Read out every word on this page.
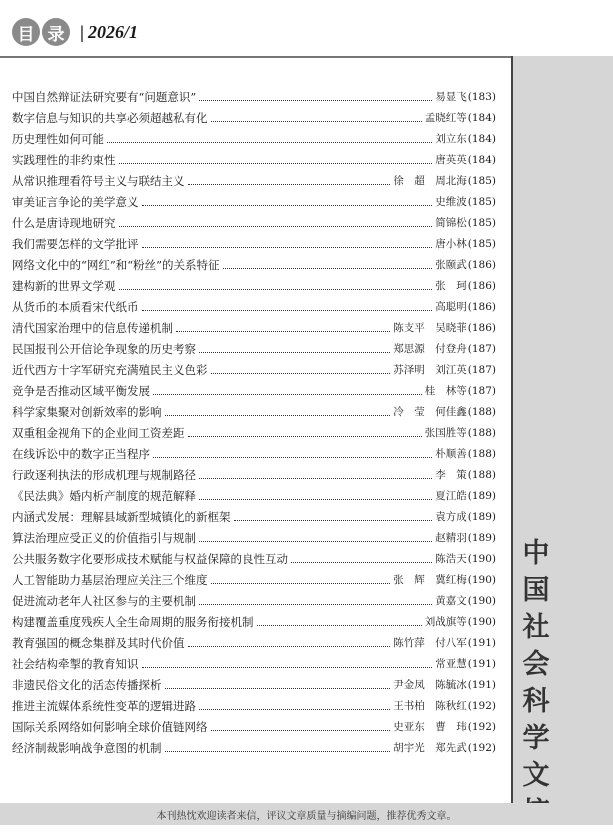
目 录 | 2026/1
中
国
社
会
科
学
文
中国自然辩证法研究要有“问题意识”	易显飞 (183)
数字信息与知识的共享必须超越私有化	孟晓红等 (184)
历史理性如何可能	刘立东 (184)
实践理性的非约束性	唐英英 (184)
从常识推理看符号主义与联结主义	徐　超　周北海 (185)
审美证言争论的美学意义	史维波 (185)
什么是唐诗现地研究	简锦松 (185)
我们需要怎样的文学批评	唐小林 (185)
网络文化中的“网红”和“粉丝”的关系特征	张颐武 (186)
建构新的世界文学观	张　珂 (186)
从货币的本质看宋代纸币	高聪明 (186)
清代国家治理中的信息传递机制	陈支平　吴晓菲 (186)
民国报刊公开信论争现象的历史考察	郑思源　付登舟 (187)
近代西方十字军研究充满殖民主义色彩	苏泽明　刘江英 (187)
竞争是否推动区域平衡发展	桂　林等 (187)
科学家集聚对创新效率的影响	冷　莹　何佳鑫 (188)
双重租金视角下的企业间工资差距	张国胜等 (188)
在线诉讼中的数字正当程序	朴顺善 (188)
行政逐利执法的形成机理与规制路径	李　策 (188)
《民法典》婚内析产制度的规范解释	夏江皓 (189)
内涵式发展：理解县域新型城镇化的新框架	袁方成 (189)
算法治理应受正义的价值指引与规制	赵精羽 (189)
公共服务数字化要形成技术赋能与权益保障的良性互动	陈浩天 (190)
人工智能助力基层治理应关注三个维度	张　辉　冀红梅 (190)
促进流动老年人社区参与的主要机制	黄嘉文 (190)
构建覆盖重度残疾人全生命周期的服务衔接机制	刘战旗等 (190)
教育强国的概念集群及其时代价值	陈竹萍　付八军 (191)
社会结构牵掣的教育知识	常亚慧 (191)
非遗民俗文化的活态传播探析	尹金凤　陈毓冰 (191)
推进主流媒体系统性变革的逻辑进路	王书柏　陈秋红 (192)
国际关系网络如何影响全球价值链网络	史亚东　曹　玮 (192)
经济制裁影响战争意图的机制	胡宇光　郑先武 (192)
本刊热忱欢迎读者来信，评议文章质量与摘编问题，推荐优秀文章。
